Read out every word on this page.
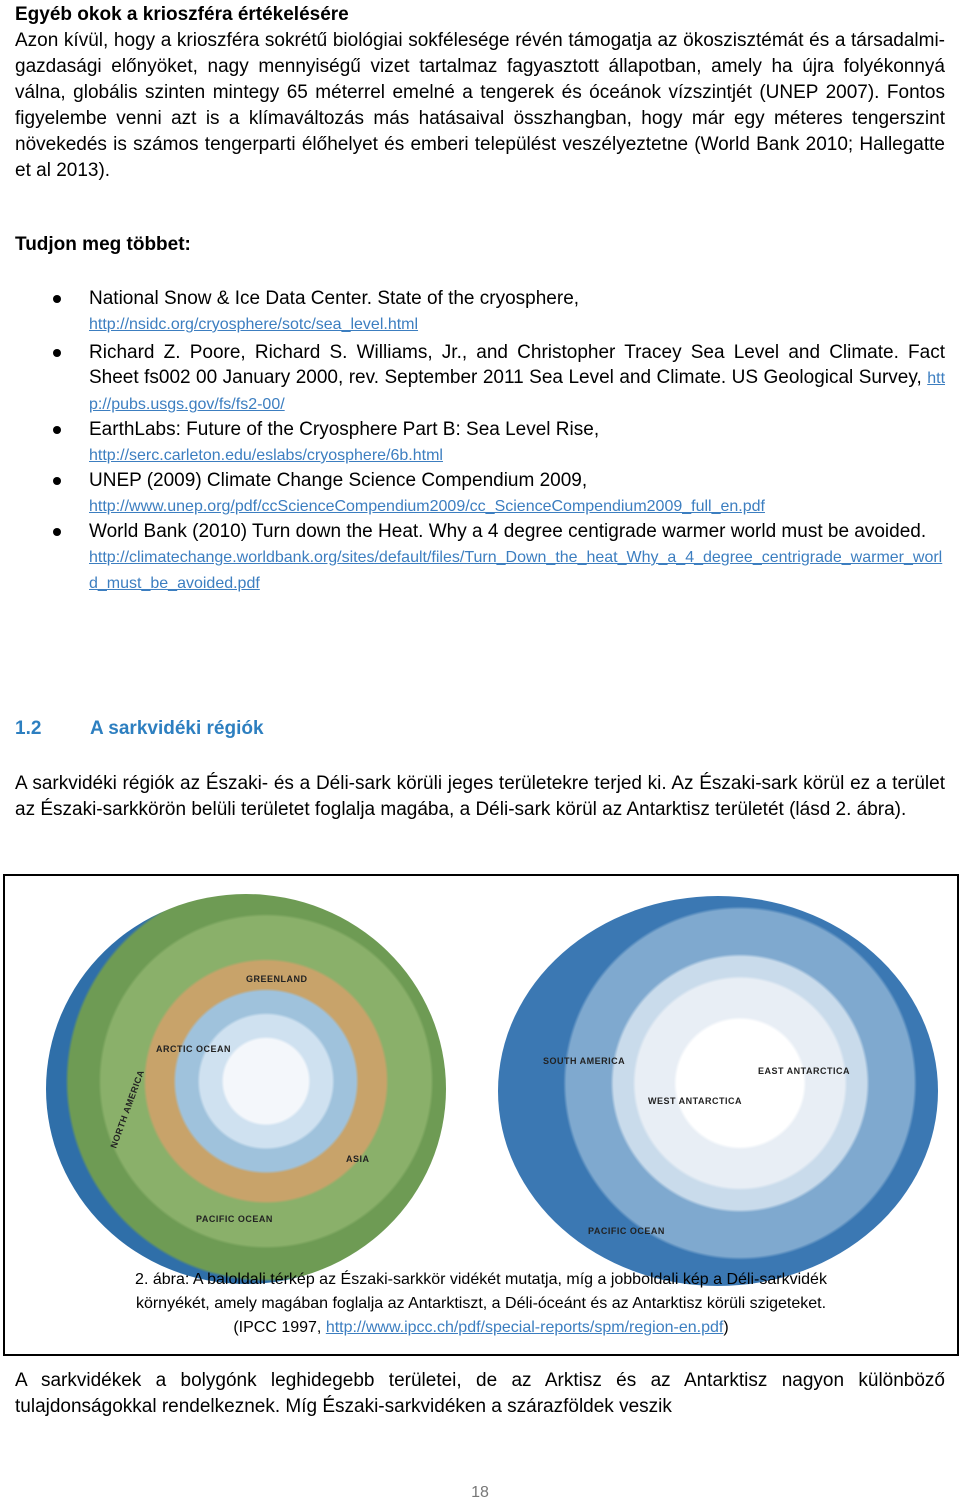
Egyéb okok a krioszféra értékelésére

Azon kívül, hogy a krioszféra sokrétű biológiai sokfélesége révén támogatja az ökoszisztémát és a társadalmi-gazdasági előnyöket, nagy mennyiségű vizet tartalmaz fagyasztott állapotban, amely ha újra folyékonnyá válna, globális szinten mintegy 65 méterrel emelné a tengerek és óceánok vízszintjét (UNEP 2007). Fontos figyelembe venni azt is a klímaváltozás más hatásaival összhangban, hogy már egy méteres tengerszint növekedés is számos tengerparti élőhelyet és emberi települést veszélyeztetne (World Bank 2010; Hallegatte et al 2013).

Tudjon meg többet:
National Snow & Ice Data Center. State of the cryosphere,
http://nsidc.org/cryosphere/sotc/sea_level.html
Richard Z. Poore, Richard S. Williams, Jr., and Christopher Tracey Sea Level and Climate. Fact Sheet fs002 00 January 2000, rev. September 2011 Sea Level and Climate. US Geological Survey, http://pubs.usgs.gov/fs/fs2-00/
EarthLabs: Future of the Cryosphere Part B: Sea Level Rise,
http://serc.carleton.edu/eslabs/cryosphere/6b.html
UNEP (2009) Climate Change Science Compendium 2009,
http://www.unep.org/pdf/ccScienceCompendium2009/cc_ScienceCompendium2009_full_en.pdf
World Bank (2010) Turn down the Heat. Why a 4 degree centigrade warmer world must be avoided.
http://climatechange.worldbank.org/sites/default/files/Turn_Down_the_heat_Why_a_4_degree_centrigrade_warmer_world_must_be_avoided.pdf
1.2	A sarkvidéki régiók

A sarkvidéki régiók az Északi- és a Déli-sark körüli jeges területekre terjed ki. Az Északi-sark körül ez a terület az Északi-sarkkörön belüli területet foglalja magába, a Déli-sark körül az Antarktisz területét (lásd 2. ábra).

NORTH AMERICA
ARCTIC OCEAN
GREENLAND
PACIFIC OCEAN
ASIA
SOUTH AMERICA
WEST ANTARCTICA
EAST ANTARCTICA
PACIFIC OCEAN
2. ábra: A baloldali térkép az Északi-sarkkör vidékét mutatja, míg a jobboldali kép a Déli-sarkvidék
környékét, amely magában foglalja az Antarktiszt, a Déli-óceánt és az Antarktisz körüli szigeteket.
(IPCC 1997, http://www.ipcc.ch/pdf/special-reports/spm/region-en.pdf)

A sarkvidékek a bolygónk leghidegebb területei, de az Arktisz és az Antarktisz nagyon különböző tulajdonságokkal rendelkeznek. Míg Északi-sarkvidéken a szárazföldek veszik

18
